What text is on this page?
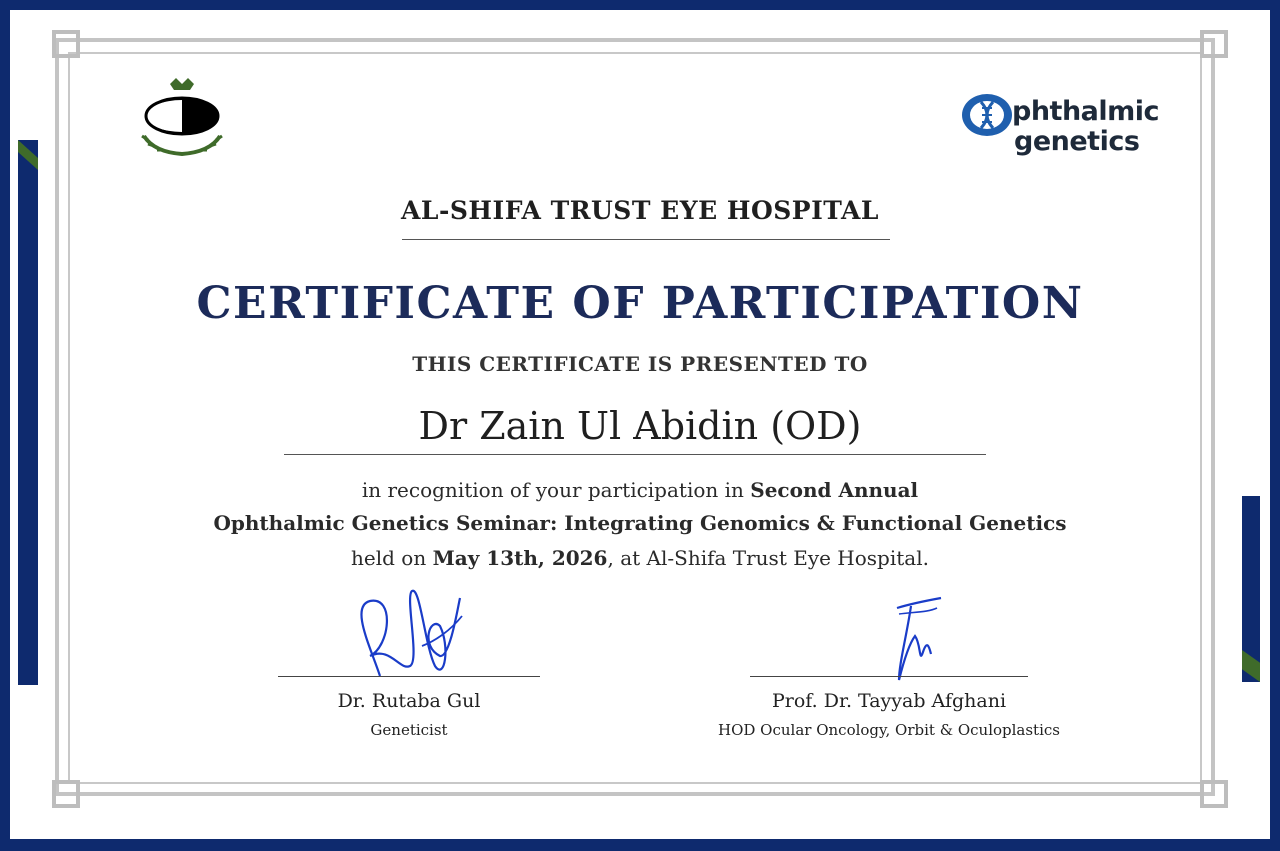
phthalmic
genetics
AL-SHIFA TRUST EYE HOSPITAL
CERTIFICATE OF PARTICIPATION
THIS CERTIFICATE IS PRESENTED TO
Dr Zain Ul Abidin (OD)
in recognition of your participation in Second Annual
Ophthalmic Genetics Seminar: Integrating Genomics & Functional Genetics
held on May 13th, 2026, at Al-Shifa Trust Eye Hospital.
Dr. Rutaba Gul
Geneticist
Prof. Dr. Tayyab Afghani
HOD Ocular Oncology, Orbit & Oculoplastics
